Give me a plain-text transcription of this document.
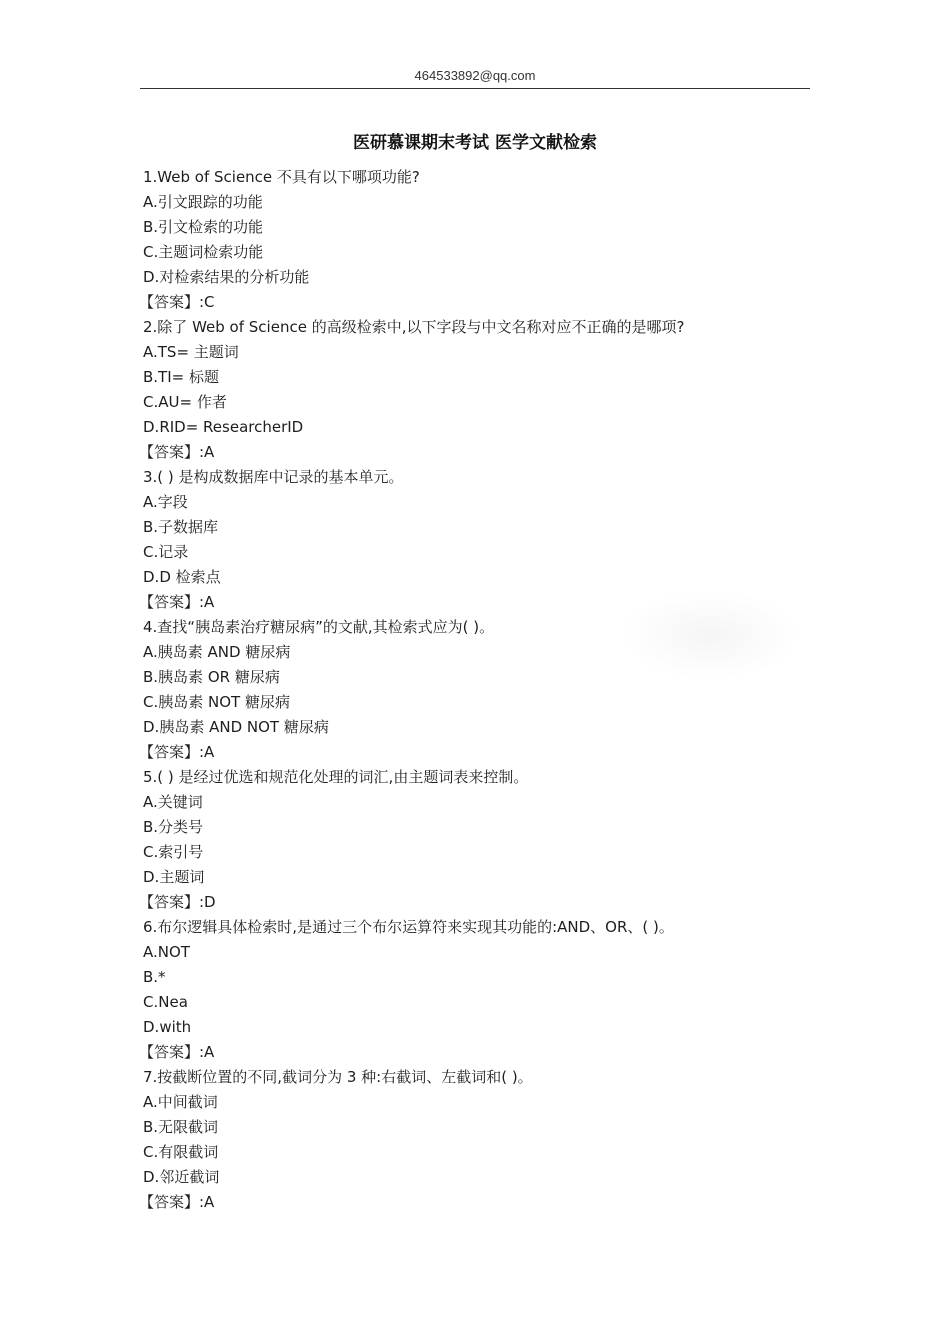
464533892@qq.com
医研慕课期末考试 医学文献检索
1.Web of Science 不具有以下哪项功能?
A.引文跟踪的功能
B.引文检索的功能
C.主题词检索功能
D.对检索结果的分析功能
【答案】:C
2.除了 Web of Science 的高级检索中,以下字段与中文名称对应不正确的是哪项?
A.TS= 主题词
B.TI= 标题
C.AU= 作者
D.RID= ResearcherID
【答案】:A
3.( ) 是构成数据库中记录的基本单元。
A.字段
B.子数据库
C.记录
D.D 检索点
【答案】:A
4.查找“胰岛素治疗糖尿病”的文献,其检索式应为( )。
A.胰岛素 AND 糖尿病
B.胰岛素 OR 糖尿病
C.胰岛素 NOT 糖尿病
D.胰岛素 AND NOT 糖尿病
【答案】:A
5.( ) 是经过优选和规范化处理的词汇,由主题词表来控制。
A.关键词
B.分类号
C.索引号
D.主题词
【答案】:D
6.布尔逻辑具体检索时,是通过三个布尔运算符来实现其功能的:AND、OR、( )。
A.NOT
B.*
C.Nea
D.with
【答案】:A
7.按截断位置的不同,截词分为 3 种:右截词、左截词和( )。
A.中间截词
B.无限截词
C.有限截词
D.邻近截词
【答案】:A
